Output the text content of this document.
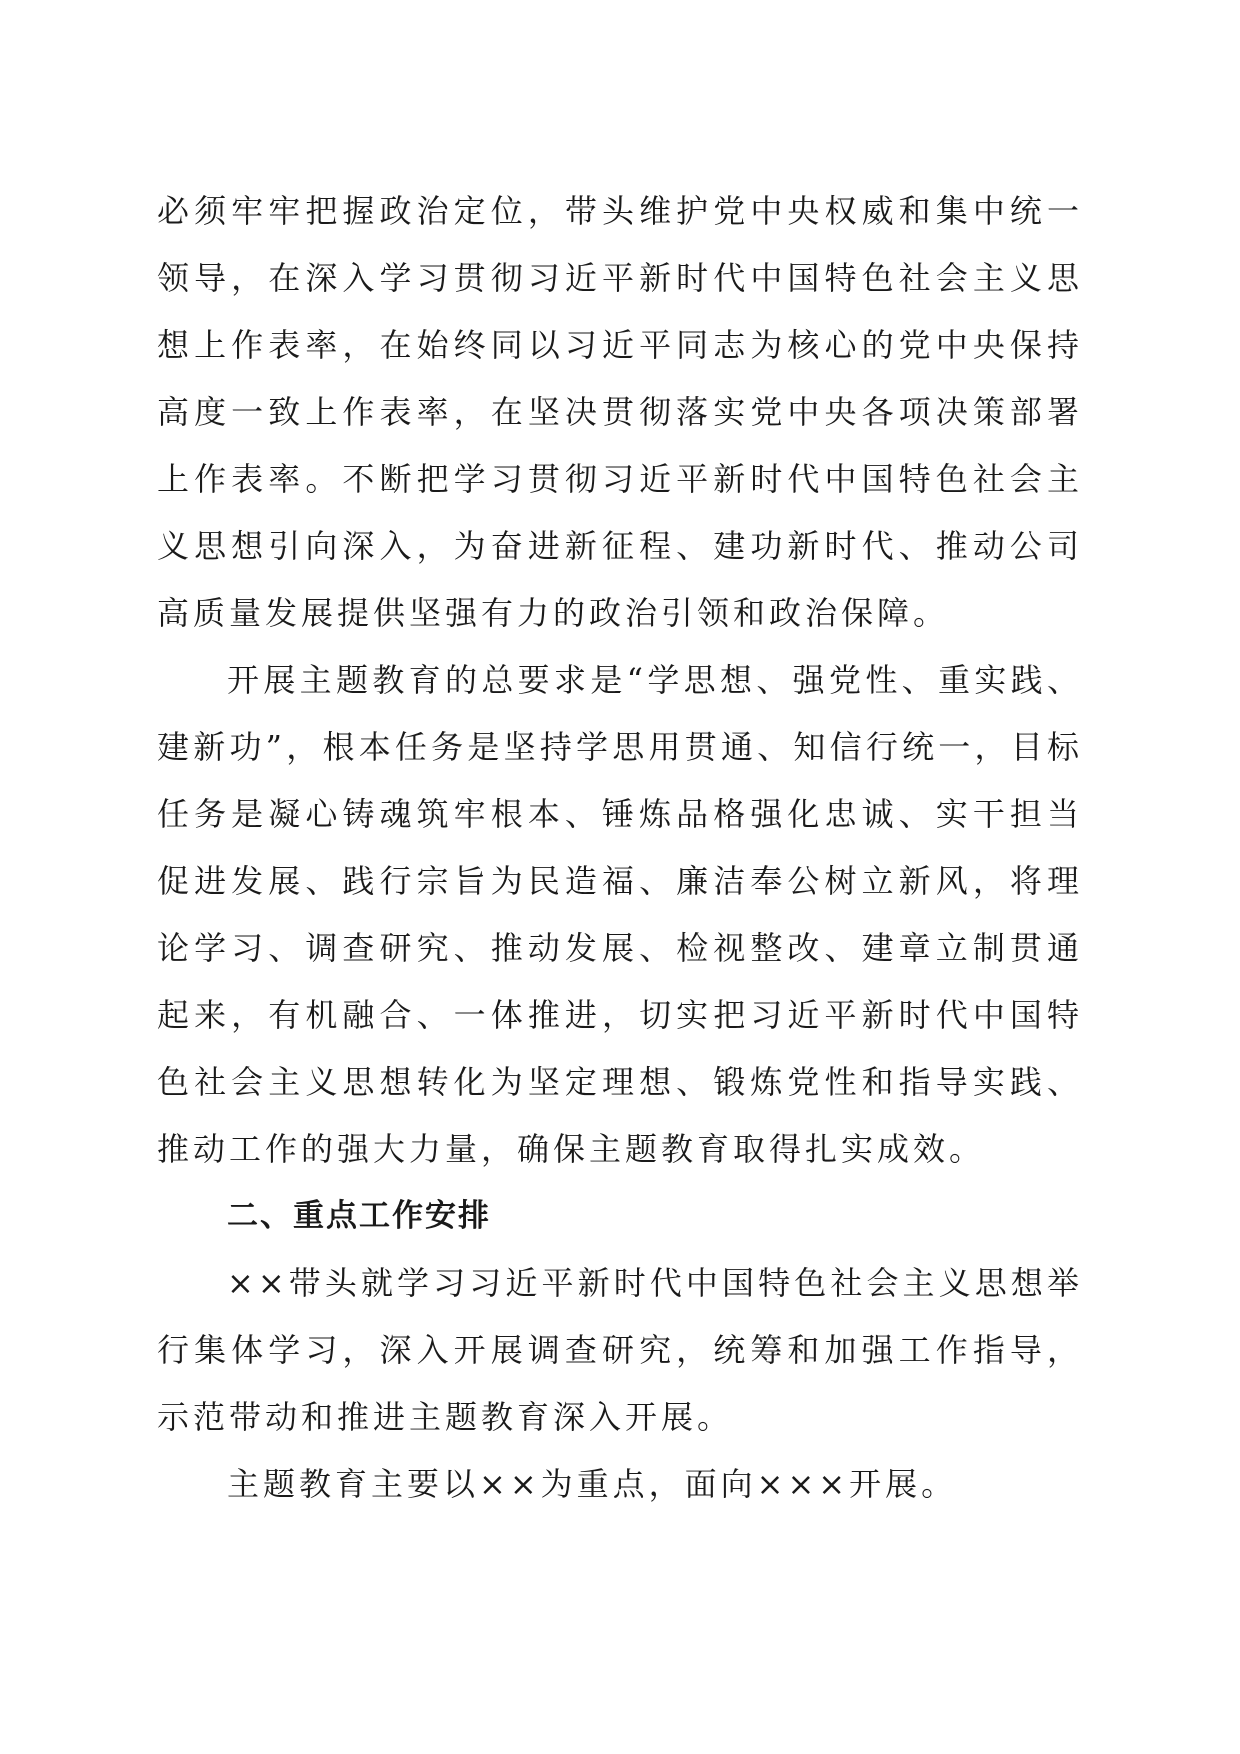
必须牢牢把握政治定位，带头维护党中央权威和集中统一领导，在深入学习贯彻习近平新时代中国特色社会主义思想上作表率，在始终同以习近平同志为核心的党中央保持高度一致上作表率，在坚决贯彻落实党中央各项决策部署上作表率。不断把学习贯彻习近平新时代中国特色社会主义思想引向深入，为奋进新征程、建功新时代、推动公司高质量发展提供坚强有力的政治引领和政治保障。

开展主题教育的总要求是“学思想、强党性、重实践、建新功”，根本任务是坚持学思用贯通、知信行统一，目标任务是凝心铸魂筑牢根本、锤炼品格强化忠诚、实干担当促进发展、践行宗旨为民造福、廉洁奉公树立新风，将理论学习、调查研究、推动发展、检视整改、建章立制贯通起来，有机融合、一体推进，切实把习近平新时代中国特色社会主义思想转化为坚定理想、锻炼党性和指导实践、推动工作的强大力量，确保主题教育取得扎实成效。

二、重点工作安排

××带头就学习习近平新时代中国特色社会主义思想举行集体学习，深入开展调查研究，统筹和加强工作指导，示范带动和推进主题教育深入开展。

主题教育主要以××为重点，面向×××开展。
